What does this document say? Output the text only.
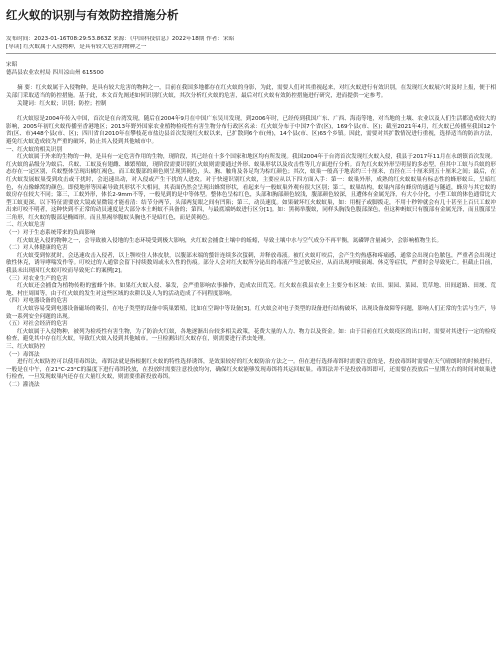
红火蚁的识别与有效防控措施分析
发布时间：2023-01-16T08:29:53.863Z 来源：《中国科技信息》2022年18期 作者：宋昭
[导读] 红火蚁属于入侵物种，是具有较大危害的物种之一
宋昭
德昌县农业农村局 四川凉山州 615500

摘 要：红火蚁属于入侵物种，是具有较大危害的物种之一，目前在我国多地都存在红火蚁的身影，为此，需要人们对其重视起来，对红火蚁进行有效识别，在发现红火蚁展穴时及时上报，便于相关部门采取适当的防控措施。基于此，本文首先阐述如何识别红火蚁，其次分析红火蚁的危害，最后对红火蚁有效防控措施进行研究，进而提供一定参考。

关键词：红火蚁；识别；防控；控制

红火蚁原是2004年传入中国，首次是在台湾发现，随后在2004年9月在中国广东吴川发现，到2006年时，已经传到我国广东、广西、海南等地，对当地的土壤、农业以及人们生活都造成较大的影响，2005年初红火蚁传播至香港地区；2013年野外国家农业植物检疫性有害生物分布行政区名录：红火蚁分布于中国7个省(区)，169个县(市、区)；截至2021年4月，红火蚁已传播至我国12个省(区、市)448个县(市、区)；四川省自2010年在攀枝花市盐边县首次发现红火蚁以来，已扩散到6个市(州)，14个县(市、区)65个乡镇。因此，需要对其扩散情况进行重视，选择适当的防治方法，避免红火蚁造成较为严重的破坏，防止其入侵到其他城市中。

一、红火蚁的相关识别

红火蚁属于外来的生物的一种，是具有一定危害作用的生物，现阶段，其已经在十多个国家和地区均有所发现。我国2004年于台湾首次发现红火蚁入侵，我县于2017年11月在永朗镇首次发现。红火蚁的品级分为蚁后、兵蚁、工蚁及有翅雌、雄繁殖蚁，现阶段需要识别红火蚁则需要通过外形、蚁巢形状以及攻击性等几方面进行分析。首先红火蚁外形呈明显的多态型，但其中工蚁与兵蚁的形态存在一定区别，兵蚁整体呈现出橘红褐色，而工蚁腹部的颜色则呈现黑褐色，头、胸、触角及各足均为棕红颜色；其次，蚁巢一般高于地表约三十厘米，直径在三十厘米到五十厘米之间；最后，在红火蚁发展蚁巢受到攻击或干扰时，会迅速出动，对入侵或产生干扰的人进攻。对于快速识别红火蚁，主要应从以下四方面入手：第一：蚁巢外形，成熟的红火蚁蚁巢有标志性的蜂形蚁丘，呈暗红色，有点像蜂窝的颜色。即使地形等因素导致其形状不大相同，其表面仍然会呈现出蜂窝形状，看起来与一般蚁巢外观有很大区别；第二，蚁巢结构，蚁巢内部有蜂房的通道与隧道，蜂房与其它蚁的蚁房存在较大不同；第三，工蚁外形，体长2-9mm不等，一般见到的是中等体型。整体色呈棕红色，头部和胸部颜色较浅，腹部颜色较深，且遭体有金属光泽，有大小分化，小型工蚁的体色通常比大型工蚁更深。以下特征需要放大镜或显微镜才能看清：结节分两节，头部两复眼之间有凹陷；第三，动员速度。如果破坏红火蚁蚁巢，如：用棍子或脚拨走，不用十秒钟就会有几十甚至上百只工蚁冲出来叮咬不明者，这种快到不正常的动员速度是大部分本土蚂蚁不具备的；第四，与最底端蚂蚁进行区分[1]。如：黑褐举腹蚁，同样头胸浅色腹部深色，但这种蚂蚁只有腹部有金属光泽，而且腹部呈三角形，红火蚁的腹部是椭圆形。而且黑褐举腹蚁头胸也不是暗红色，而是黄褐色。

二、红火蚁危害
（一）对于生态系统带来的负面影响

红火蚁是入侵的物种之一，会导致被入侵地的生态环境受到极大影响，火红蚁会捕食土壤中的蚯蚓，导致土壤中水与空气成分不再平衡，氮磷钾含量减少，会影响植物生长。

（二）对人体健康的危害

红火蚁受到惊扰时，会迅速攻击入侵者，以上颚咬住人体皮肤，以腹部末端的螫针连续多次蜇刺，并释放毒液。被红火蚁叮咬后，会产生灼热感和疼痛感，通常会出现白色脓包，严重者会出现过敏性休克，诱导哮喘发作等。叮咬过的人通常会留下持续数周或永久性的伤痕。部分人会对红火蚁所分泌出的毒液产生过敏反应，从而出现呼吸衰竭、休克等症状，严重时会导致死亡。但截止目前，我县未出现因红火蚁叮咬而导致死亡的案例[2]。

（三）对农业生产的危害

红火蚁还会捕食为植物传粉的蜜蜂个体。如果红火蚁入侵、暴发，会严重影响农事操作，造成农田荒芜。红火蚁在我县农业上主要分布区域：农田、果园、菜园、荒草地、田间道路、田埂、荒地、村庄周围等，由于红火蚁的发生对这些区域的农耕以及人为的活动造成了不同程度影响。

（四）对电器设备的危害

红火蚁容易受到电器设备磁场的吸引，在电子类型的设备中筑巢繁殖，比如在空调中等设备[3]。红火蚁会对电子类型的设备进行结构破坏，出现设备故障等问题，影响人们正常的生活与生产，导致一系列安全问题的出现。

（五）对社会经济的危害

红火蚁属于入侵物种，被列为检疫性有害生物，为了防治火红蚁，各地逐渐出台较多相关政策，花费大量的人力、物力以及资金。如：由于目前在红火蚁疫区的出口时，需要对其进行一定的检疫检查，避免其中存在红火蚁，导致红火蚁入侵到其他城市。一旦检测出红火蚁存在，则需要进行杀虫处理。

三、红火蚁防控
（一）毒饵法

进行红火蚁防控可以使用毒饵法，毒饵法就是指根据红火蚁的特性选择诱饵，是效果较好的红火蚁防治方法之一。但在进行选择毒饵时需要注意的是，投放毒饵时需要在天气晴朗时的时候进行，一般是在中午，在21°C-23°C的温度下进行毒饵投放，在投放时需要注意投放均匀，确保红火蚁能够发现毒饵将其运回蚁巢。毒饵法并不是投放毒饵即可，还需要在投放后一星期左右的时间对蚁巢进行检查，一旦发现蚁巢内还存在大量红火蚁，则需要重新投放毒饵。

（二）灌浇法
